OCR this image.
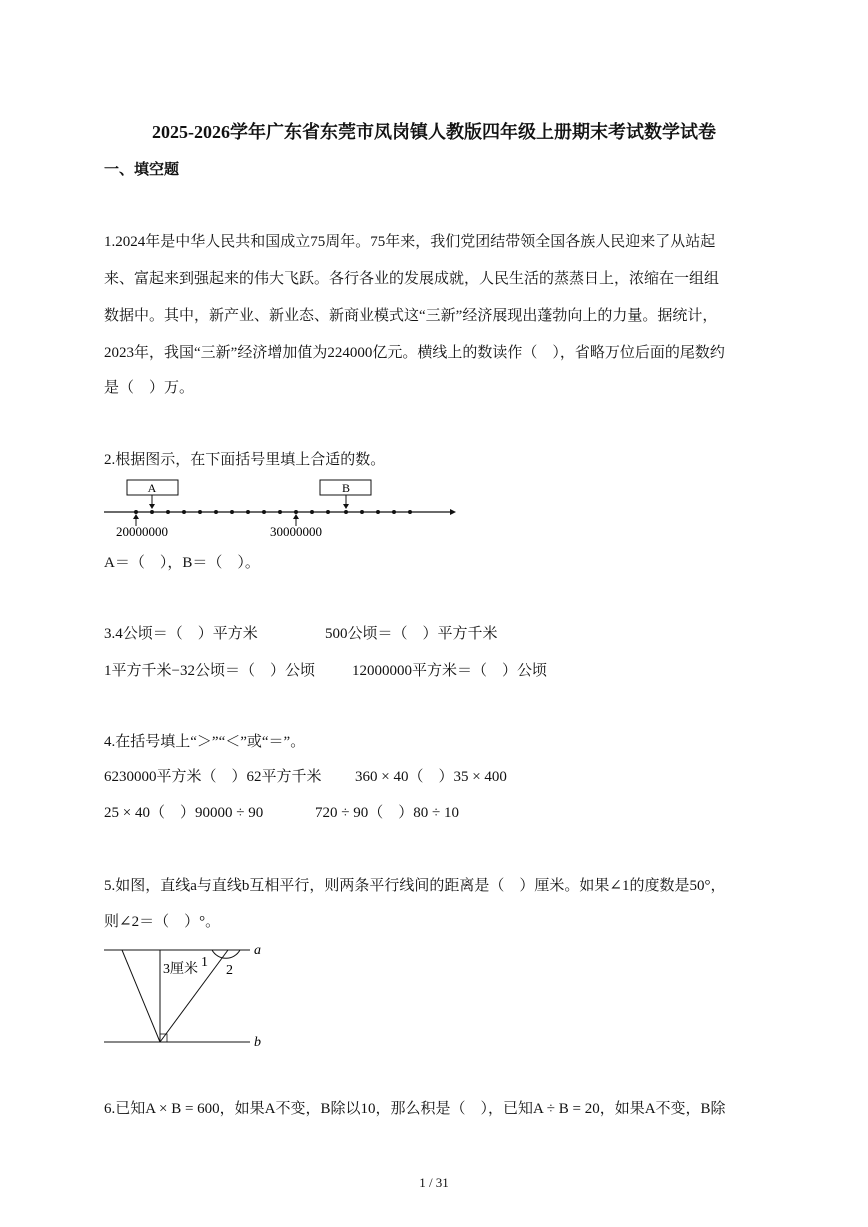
2025-2026学年广东省东莞市凤岗镇人教版四年级上册期末考试数学试卷
一、填空题
1.2024年是中华人民共和国成立75周年。75年来，我们党团结带领全国各族人民迎来了从站起
来、富起来到强起来的伟大飞跃。各行各业的发展成就，人民生活的蒸蒸日上，浓缩在一组组
数据中。其中，新产业、新业态、新商业模式这“三新”经济展现出蓬勃向上的力量。据统计，
2023年，我国“三新”经济增加值为224000亿元。横线上的数读作（　），省略万位后面的尾数约
是（　）万。
2.根据图示，在下面括号里填上合适的数。
A	B
20000000	30000000
A＝（　），B＝（　）。
3.4公顷＝（　）平方米	500公顷＝（　）平方千米
1平方千米−32公顷＝（　）公顷 12000000平方米＝（　）公顷
4.在括号填上“＞”“＜”或“＝”。
6230000平方米（　）62平方千米 360 × 40（　）35 × 400
25 × 40（　）90000 ÷ 90	720 ÷ 90（　）80 ÷ 10
5.如图，直线a与直线b互相平行，则两条平行线间的距离是（　）厘米。如果∠1的度数是50°，
则∠2＝（　）°。
a
b
3厘米 1
2
6.已知A × B = 600，如果A不变，B除以10，那么积是（　），已知A ÷ B = 20，如果A不变，B除
1 / 31
